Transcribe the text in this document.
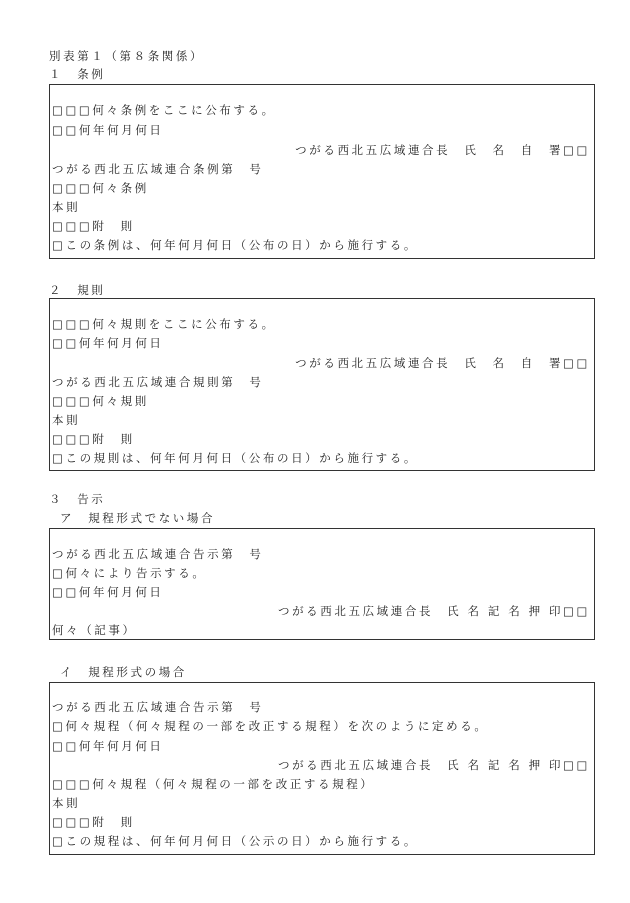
別表第１（第８条関係）
１　条例
□□□何々条例をここに公布する。
□□何年何月何日
つがる西北五広域連合長　氏　名　自　署□□
つがる西北五広域連合条例第　号
□□□何々条例
本則
□□□附　則
□この条例は、何年何月何日（公布の日）から施行する。
２　規則
□□□何々規則をここに公布する。
□□何年何月何日
つがる西北五広域連合長　氏　名　自　署□□
つがる西北五広域連合規則第　号
□□□何々規則
本則
□□□附　則
□この規則は、何年何月何日（公布の日）から施行する。
３　告示
ア　規程形式でない場合
つがる西北五広域連合告示第　号
□何々により告示する。
□□何年何月何日
つがる西北五広域連合長　氏 名 記 名 押 印□□
何々（記事）
イ　規程形式の場合
つがる西北五広域連合告示第　号
□何々規程（何々規程の一部を改正する規程）を次のように定める。
□□何年何月何日
つがる西北五広域連合長　氏 名 記 名 押 印□□
□□□何々規程（何々規程の一部を改正する規程）
本則
□□□附　則
□この規程は、何年何月何日（公示の日）から施行する。
